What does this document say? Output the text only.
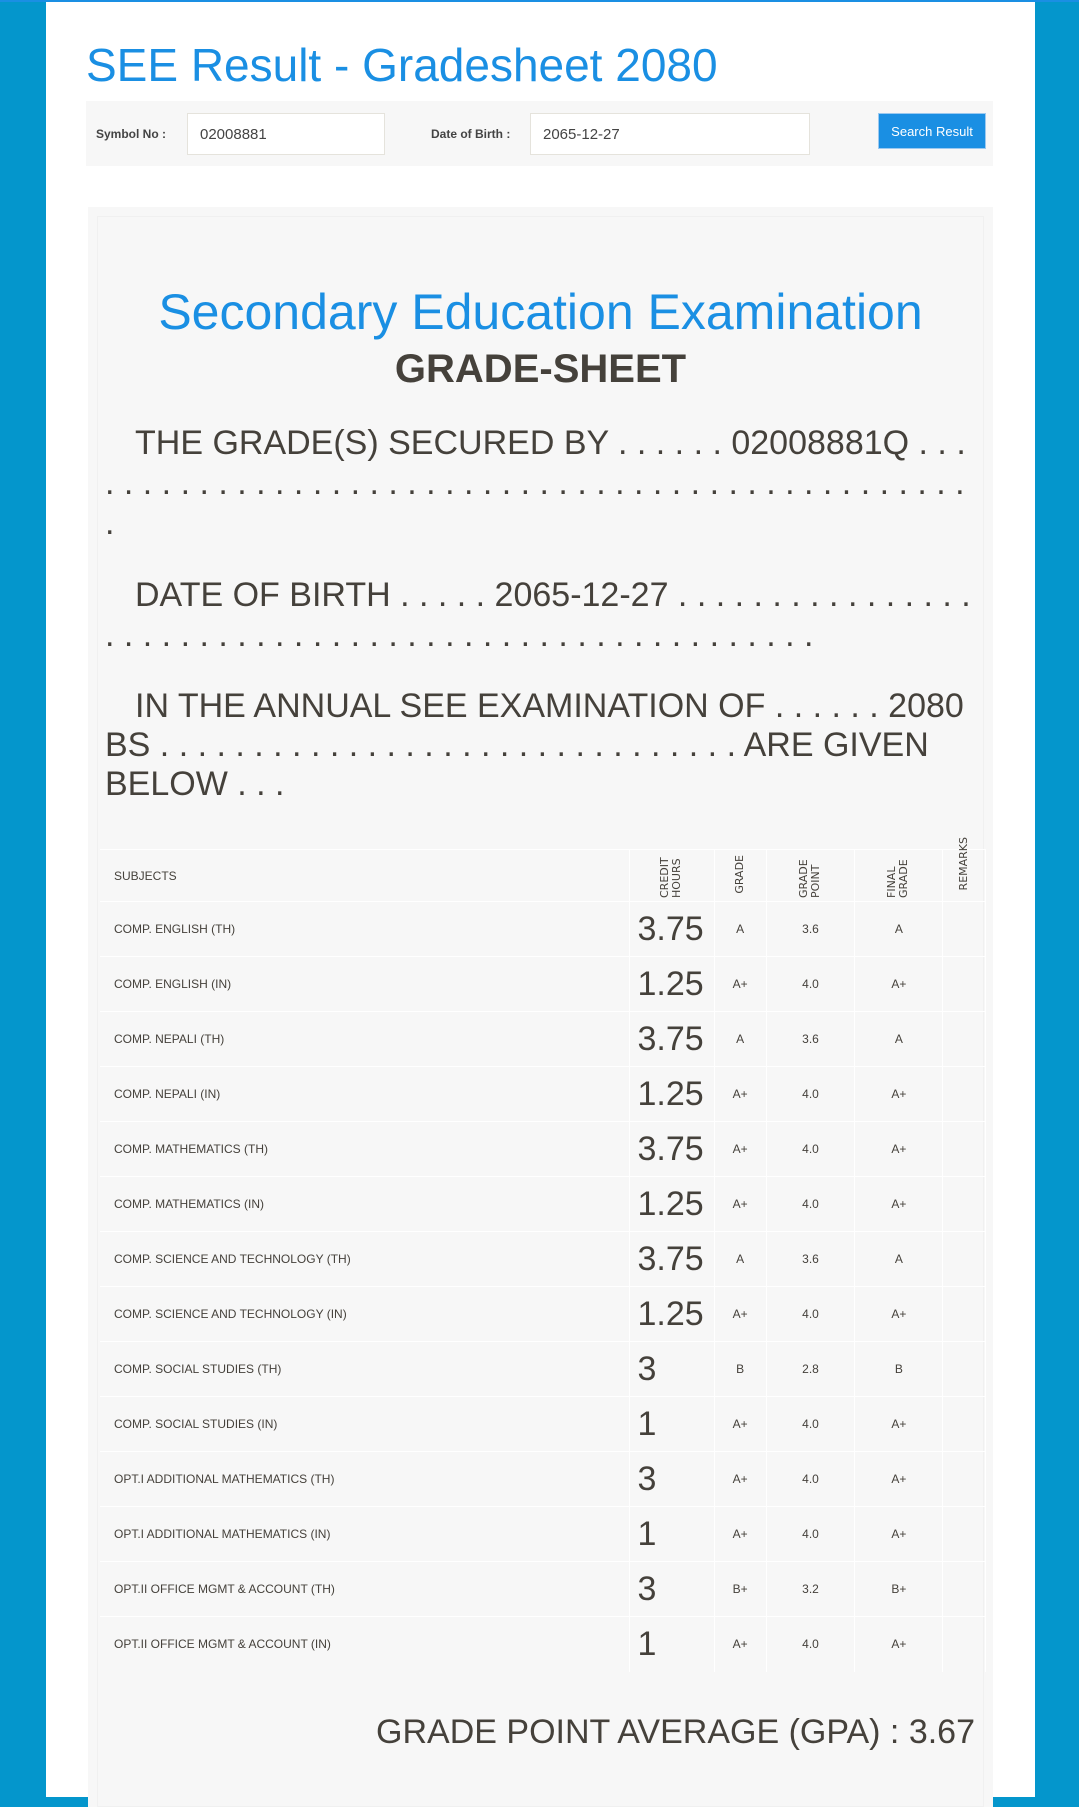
SEE Result - Gradesheet 2080
Symbol No :
02008881	Date of Birth :
2065-12-27	Search Result
Secondary Education Examination
GRADE-SHEET
THE GRADE(S) SECURED BY . . . . . . 02008881Q . . . . . . . . . . . . . . . . . . . . . . . . . . . . . . . . . . . . . . . . . . . . . . . . . .
DATE OF BIRTH . . . . . 2065-12-27 . . . . . . . . . . . . . . . . . . . . . . . . . . . . . . . . . . . . . . . . . . . . . . . . . . . . . .
IN THE ANNUAL SEE EXAMINATION OF . . . . . . 2080 BS . . . . . . . . . . . . . . . . . . . . . . . . . . . . . . . ARE GIVEN BELOW . . .
SUBJECTS	CREDIT HOURS	GRADE	GRADE POINT	FINAL GRADE	REMARKS
COMP. ENGLISH (TH)	3.75	A	3.6	A	
COMP. ENGLISH (IN)	1.25	A+	4.0	A+	
COMP. NEPALI (TH)	3.75	A	3.6	A	
COMP. NEPALI (IN)	1.25	A+	4.0	A+	
COMP. MATHEMATICS (TH)	3.75	A+	4.0	A+	
COMP. MATHEMATICS (IN)	1.25	A+	4.0	A+	
COMP. SCIENCE AND TECHNOLOGY (TH)	3.75	A	3.6	A	
COMP. SCIENCE AND TECHNOLOGY (IN)	1.25	A+	4.0	A+	
COMP. SOCIAL STUDIES (TH)	3	B	2.8	B	
COMP. SOCIAL STUDIES (IN)	1	A+	4.0	A+	
OPT.I ADDITIONAL MATHEMATICS (TH)	3	A+	4.0	A+	
OPT.I ADDITIONAL MATHEMATICS (IN)	1	A+	4.0	A+	
OPT.II OFFICE MGMT & ACCOUNT (TH)	3	B+	3.2	B+	
OPT.II OFFICE MGMT & ACCOUNT (IN)	1	A+	4.0	A+	
GRADE POINT AVERAGE (GPA) : 3.67
